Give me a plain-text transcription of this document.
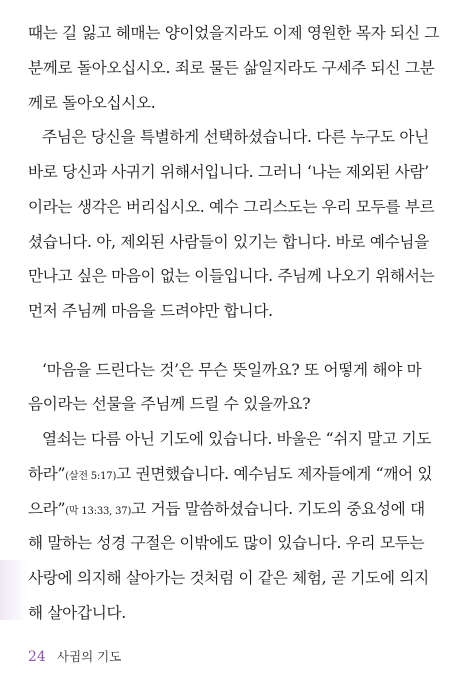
때는 길 잃고 헤매는 양이었을지라도 이제 영원한 목자 되신 그
분께로 돌아오십시오. 죄로 물든 삶일지라도 구세주 되신 그분
께로 돌아오십시오.
주님은 당신을 특별하게 선택하셨습니다. 다른 누구도 아닌
바로 당신과 사귀기 위해서입니다. 그러니 ‘나는 제외된 사람’
이라는 생각은 버리십시오. 예수 그리스도는 우리 모두를 부르
셨습니다. 아, 제외된 사람들이 있기는 합니다. 바로 예수님을
만나고 싶은 마음이 없는 이들입니다. 주님께 나오기 위해서는
먼저 주님께 마음을 드려야만 합니다.
‘마음을 드린다는 것’은 무슨 뜻일까요? 또 어떻게 해야 마
음이라는 선물을 주님께 드릴 수 있을까요?
열쇠는 다름 아닌 기도에 있습니다. 바울은 “쉬지 말고 기도
하라”(살전 5:17)고 권면했습니다. 예수님도 제자들에게 “깨어 있
으라”(막 13:33, 37)고 거듭 말씀하셨습니다. 기도의 중요성에 대
해 말하는 성경 구절은 이밖에도 많이 있습니다. 우리 모두는
사랑에 의지해 살아가는 것처럼 이 같은 체험, 곧 기도에 의지
해 살아갑니다.
24 사귐의 기도
